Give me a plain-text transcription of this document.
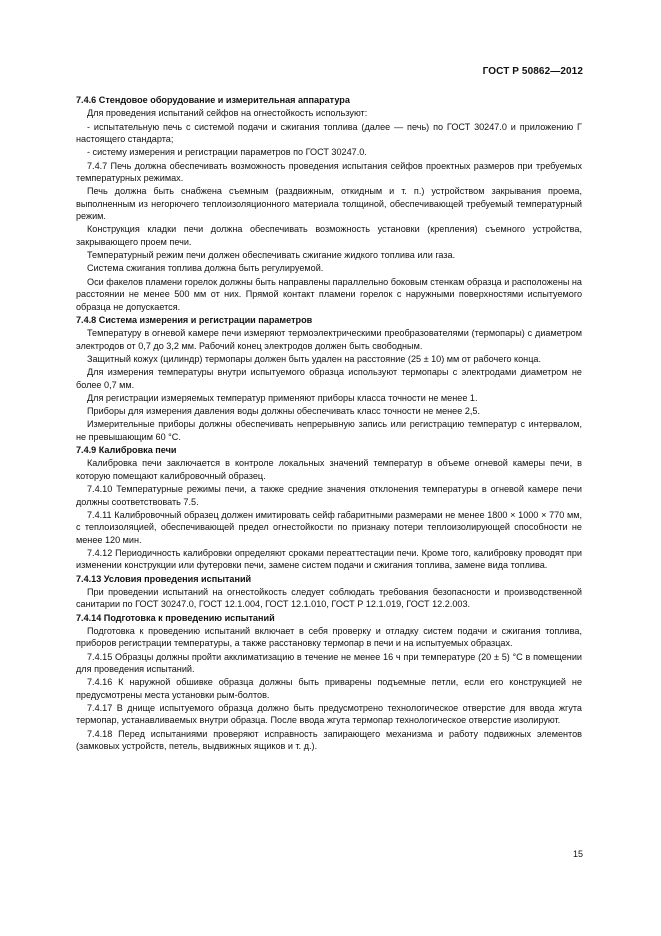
ГОСТ Р 50862—2012

7.4.6 Стендовое оборудование и измерительная аппаратура

Для проведения испытаний сейфов на огнестойкость используют:

- испытательную печь с системой подачи и сжигания топлива (далее — печь) по ГОСТ 30247.0 и приложению Г настоящего стандарта;

- систему измерения и регистрации параметров по ГОСТ 30247.0.

7.4.7 Печь должна обеспечивать возможность проведения испытания сейфов проектных размеров при требуемых температурных режимах.

Печь должна быть снабжена съемным (раздвижным, откидным и т. п.) устройством закрывания проема, выполненным из негорючего теплоизоляционного материала толщиной, обеспечивающей требуемый температурный режим.

Конструкция кладки печи должна обеспечивать возможность установки (крепления) съемного устройства, закрывающего проем печи.

Температурный режим печи должен обеспечивать сжигание жидкого топлива или газа.

Система сжигания топлива должна быть регулируемой.

Оси факелов пламени горелок должны быть направлены параллельно боковым стенкам образца и расположены на расстоянии не менее 500 мм от них. Прямой контакт пламени горелок с наружными поверхностями испытуемого образца не допускается.

7.4.8 Система измерения и регистрации параметров

Температуру в огневой камере печи измеряют термоэлектрическими преобразователями (термопары) с диаметром электродов от 0,7 до 3,2 мм. Рабочий конец электродов должен быть свободным.

Защитный кожух (цилиндр) термопары должен быть удален на расстояние (25 ± 10) мм от рабочего конца.

Для измерения температуры внутри испытуемого образца используют термопары с электродами диаметром не более 0,7 мм.

Для регистрации измеряемых температур применяют приборы класса точности не менее 1.

Приборы для измерения давления воды должны обеспечивать класс точности не менее 2,5.

Измерительные приборы должны обеспечивать непрерывную запись или регистрацию температур с интервалом, не превышающим 60 °С.

7.4.9 Калибровка печи

Калибровка печи заключается в контроле локальных значений температур в объеме огневой камеры печи, в которую помещают калибровочный образец.

7.4.10 Температурные режимы печи, а также средние значения отклонения температуры в огневой камере печи должны соответствовать 7.5.

7.4.11 Калибровочный образец должен имитировать сейф габаритными размерами не менее 1800 × 1000 × 770 мм, с теплоизоляцией, обеспечивающей предел огнестойкости по признаку потери теплоизолирующей способности не менее 120 мин.

7.4.12 Периодичность калибровки определяют сроками переаттестации печи. Кроме того, калибровку проводят при изменении конструкции или футеровки печи, замене систем подачи и сжигания топлива, замене вида топлива.

7.4.13 Условия проведения испытаний

При проведении испытаний на огнестойкость следует соблюдать требования безопасности и производственной санитарии по ГОСТ 30247.0, ГОСТ 12.1.004, ГОСТ 12.1.010, ГОСТ Р 12.1.019, ГОСТ 12.2.003.

7.4.14 Подготовка к проведению испытаний

Подготовка к проведению испытаний включает в себя проверку и отладку систем подачи и сжигания топлива, приборов регистрации температуры, а также расстановку термопар в печи и на испытуемых образцах.

7.4.15 Образцы должны пройти акклиматизацию в течение не менее 16 ч при температуре (20 ± 5) °С в помещении для проведения испытаний.

7.4.16 К наружной обшивке образца должны быть приварены подъемные петли, если его конструкцией не предусмотрены места установки рым-болтов.

7.4.17 В днище испытуемого образца должно быть предусмотрено технологическое отверстие для ввода жгута термопар, устанавливаемых внутри образца. После ввода жгута термопар технологическое отверстие изолируют.

7.4.18 Перед испытаниями проверяют исправность запирающего механизма и работу подвижных элементов (замковых устройств, петель, выдвижных ящиков и т. д.).

15
